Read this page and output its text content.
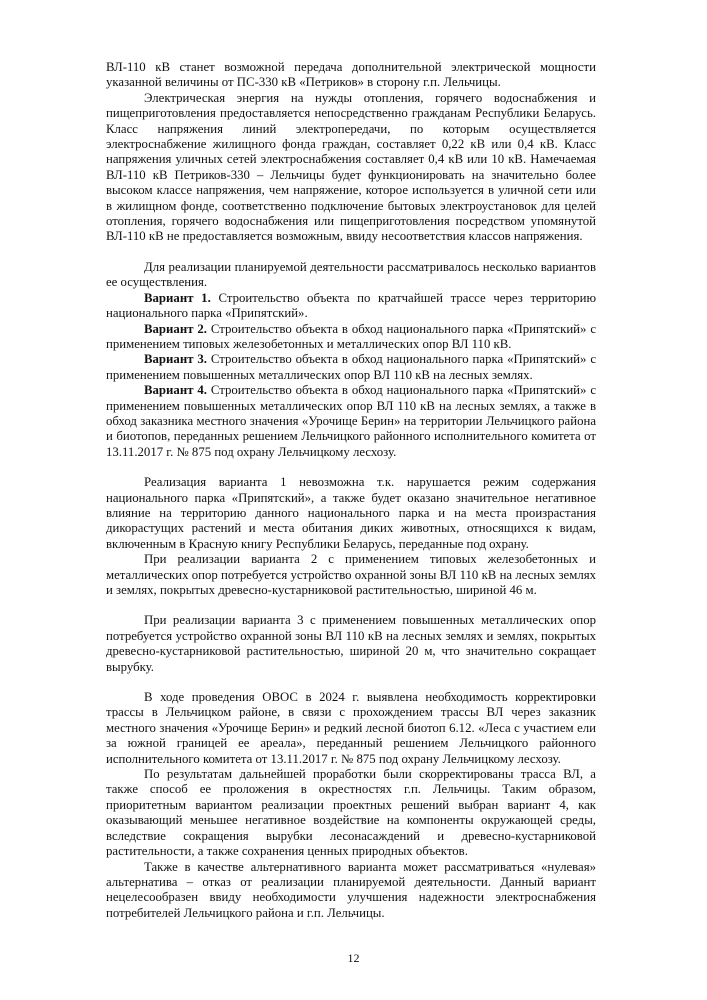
ВЛ-110 кВ станет возможной передача дополнительной электрической мощности указанной величины от ПС-330 кВ «Петриков» в сторону г.п. Лельчицы.

Электрическая энергия на нужды отопления, горячего водоснабжения и пищеприготовления предоставляется непосредственно гражданам Республики Беларусь. Класс напряжения линий электропередачи, по которым осуществляется электроснабжение жилищного фонда граждан, составляет 0,22 кВ или 0,4 кВ. Класс напряжения уличных сетей электроснабжения составляет 0,4 кВ или 10 кВ. Намечаемая ВЛ-110 кВ Петриков-330 – Лельчицы будет функционировать на значительно более высоком классе напряжения, чем напряжение, которое используется в уличной сети или в жилищном фонде, соответственно подключение бытовых электроустановок для целей отопления, горячего водоснабжения или пищеприготовления посредством упомянутой ВЛ-110 кВ не предоставляется возможным, ввиду несоответствия классов напряжения.

Для реализации планируемой деятельности рассматривалось несколько вариантов ее осуществления.

Вариант 1. Строительство объекта по кратчайшей трассе через территорию национального парка «Припятский».

Вариант 2. Строительство объекта в обход национального парка «Припятский» с применением типовых железобетонных и металлических опор ВЛ 110 кВ.

Вариант 3. Строительство объекта в обход национального парка «Припятский» с применением повышенных металлических опор ВЛ 110 кВ на лесных землях.

Вариант 4. Строительство объекта в обход национального парка «Припятский» с применением повышенных металлических опор ВЛ 110 кВ на лесных землях, а также в обход заказника местного значения «Урочище Берин» на территории Лельчицкого района и биотопов, переданных решением Лельчицкого районного исполнительного комитета от 13.11.2017 г. № 875 под охрану Лельчицкому лесхозу.

Реализация варианта 1 невозможна т.к. нарушается режим содержания национального парка «Припятский», а также будет оказано значительное негативное влияние на территорию данного национального парка и на места произрастания дикорастущих растений и места обитания диких животных, относящихся к видам, включенным в Красную книгу Республики Беларусь, переданные под охрану.

При реализации варианта 2 с применением типовых железобетонных и металлических опор потребуется устройство охранной зоны ВЛ 110 кВ на лесных землях и землях, покрытых древесно-кустарниковой растительностью, шириной 46 м.

При реализации варианта 3 с применением повышенных металлических опор потребуется устройство охранной зоны ВЛ 110 кВ на лесных землях и землях, покрытых древесно-кустарниковой растительностью, шириной 20 м, что значительно сокращает вырубку.

В ходе проведения ОВОС в 2024 г. выявлена необходимость корректировки трассы в Лельчицком районе, в связи с прохождением трассы ВЛ через заказник местного значения «Урочище Берин» и редкий лесной биотоп 6.12. «Леса с участием ели за южной границей ее ареала», переданный решением Лельчицкого районного исполнительного комитета от 13.11.2017 г. № 875 под охрану Лельчицкому лесхозу.

По результатам дальнейшей проработки были скорректированы трасса ВЛ, а также способ ее проложения в окрестностях г.п. Лельчицы. Таким образом, приоритетным вариантом реализации проектных решений выбран вариант 4, как оказывающий меньшее негативное воздействие на компоненты окружающей среды, вследствие сокращения вырубки лесонасаждений и древесно-кустарниковой растительности, а также сохранения ценных природных объектов.

Также в качестве альтернативного варианта может рассматриваться «нулевая» альтернатива – отказ от реализации планируемой деятельности. Данный вариант нецелесообразен ввиду необходимости улучшения надежности электроснабжения потребителей Лельчицкого района и г.п. Лельчицы.

12
